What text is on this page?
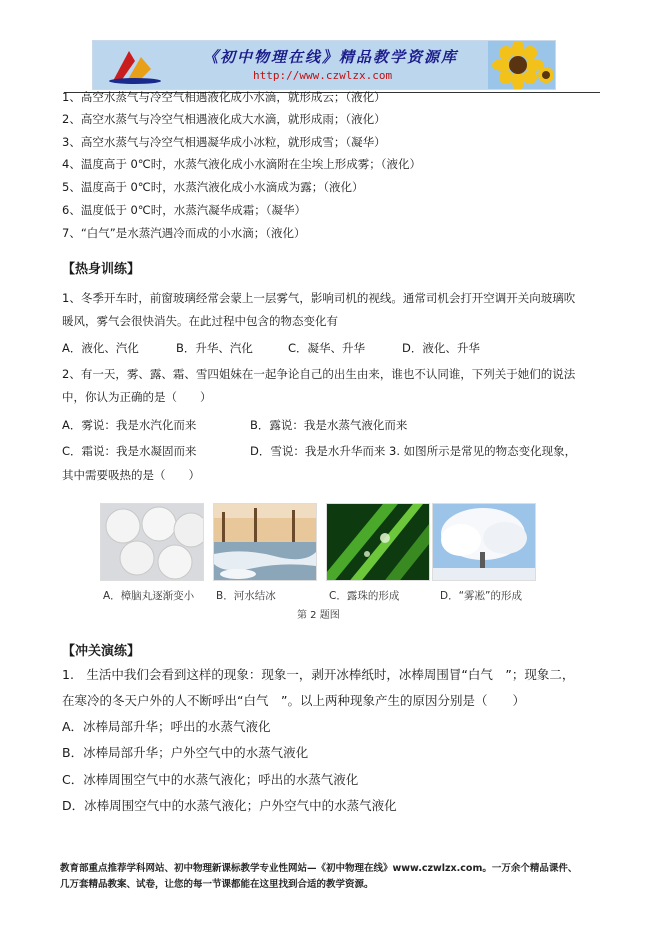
《初中物理在线》精品教学资源库
http://www.czwlzx.com
1、高空水蒸气与冷空气相遇液化成小水滴，就形成云；（液化）
2、高空水蒸气与冷空气相遇液化成大水滴，就形成雨；（液化）
3、高空水蒸气与冷空气相遇凝华成小冰粒，就形成雪；（凝华）
4、温度高于 0℃时，水蒸气液化成小水滴附在尘埃上形成雾；（液化）
5、温度高于 0℃时，水蒸汽液化成小水滴成为露；（液化）
6、温度低于 0℃时，水蒸汽凝华成霜；（凝华）
7、“白气”是水蒸汽遇冷而成的小水滴；（液化）
【热身训练】
1、冬季开车时，前窗玻璃经常会蒙上一层雾气，影响司机的视线。通常司机会打开空调开关向玻璃吹
暖风，雾气会很快消失。在此过程中包含的物态变化有
A．液化、汽化	B．升华、汽化	C．凝华、升华	D．液化、升华
2、有一天，雾、露、霜、雪四姐妹在一起争论自己的出生由来，谁也不认同谁，下列关于她们的说法
中，你认为正确的是（　　）
A．雾说：我是水汽化而来	B．露说：我是水蒸气液化而来
C．霜说：我是水凝固而来	D．雪说：我是水升华而来 3. 如图所示是常见的物态变化现象，
其中需要吸热的是（　　）
A．樟脑丸逐渐变小 B．河水结冰	C．露珠的形成	D．“雾凇”的形成
第 2 题图
【冲关演练】
1.　生活中我们会看到这样的现象：现象一，剥开冰棒纸时，冰棒周围冒“白气　”；现象二，
在寒冷的冬天户外的人不断呼出“白气　”。以上两种现象产生的原因分别是（　　）
A．冰棒局部升华；呼出的水蒸气液化
B．冰棒局部升华；户外空气中的水蒸气液化
C．冰棒周围空气中的水蒸气液化；呼出的水蒸气液化
D．冰棒周围空气中的水蒸气液化；户外空气中的水蒸气液化
教育部重点推荐学科网站、初中物理新课标教学专业性网站—《初中物理在线》www.czwlzx.com。一万余个精品课件、
几万套精品教案、试卷，让您的每一节课都能在这里找到合适的教学资源。
